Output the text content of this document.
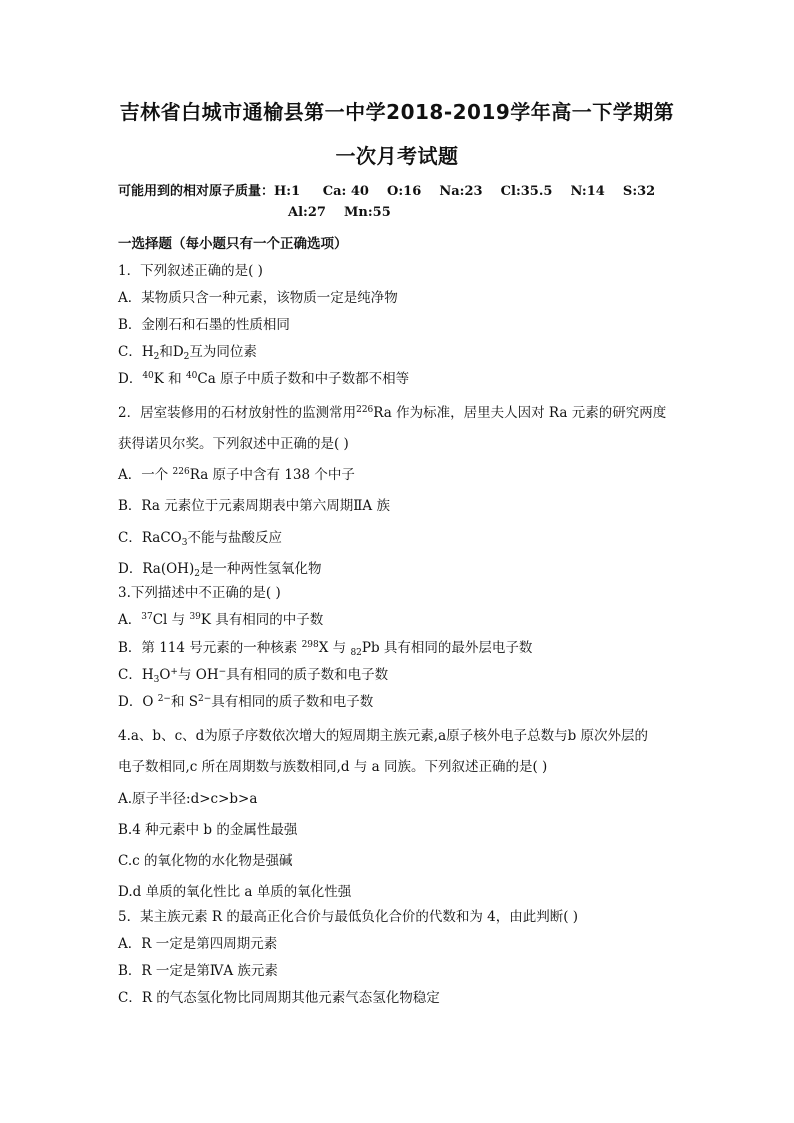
吉林省白城市通榆县第一中学2018-2019学年高一下学期第
一次月考试题
可能用到的相对原子质量：H:1     Ca: 40    O:16    Na:23    Cl:35.5    N:14    S:32
Al:27    Mn:55
一选择题（每小题只有一个正确选项）
1．下列叙述正确的是( )
A．某物质只含一种元素，该物质一定是纯净物
B．金刚石和石墨的性质相同
C．$H_2$和$D_2$互为同位素
D．$^{40}$K 和 $^{40}$Ca 原子中质子数和中子数都不相等
2．居室装修用的石材放射性的监测常用$^{226}$Ra 作为标准，居里夫人因对 Ra 元素的研究两度
获得诺贝尔奖。下列叙述中正确的是( )
A．一个 $^{226}$Ra 原子中含有 138 个中子
B．Ra 元素位于元素周期表中第六周期ⅡA 族
C．RaCO$_3$不能与盐酸反应
D．$Ra(OH)_2$是一种两性氢氧化物
3.下列描述中不正确的是( )
A．$^{37}$Cl 与 $^{39}$K 具有相同的中子数
B．第 114 号元素的一种核素 $^{298}$X 与 $_{82}$Pb 具有相同的最外层电子数
C．$H_3O^+$与 OH−具有相同的质子数和电子数
D．O $^{2-}$和 $S^{2-}$具有相同的质子数和电子数
4.a、b、c、d为原子序数依次增大的短周期主族元素,a原子核外电子总数与b 原次外层的
电子数相同,c 所在周期数与族数相同,d 与 a 同族。下列叙述正确的是( )
A.原子半径:d>c>b>a
B.4 种元素中 b 的金属性最强
C.c 的氧化物的水化物是强碱
D.d 单质的氧化性比 a 单质的氧化性强
5．某主族元素 R 的最高正化合价与最低负化合价的代数和为 4，由此判断( )
A．R 一定是第四周期元素
B．R 一定是第ⅣA 族元素
C．R 的气态氢化物比同周期其他元素气态氢化物稳定
